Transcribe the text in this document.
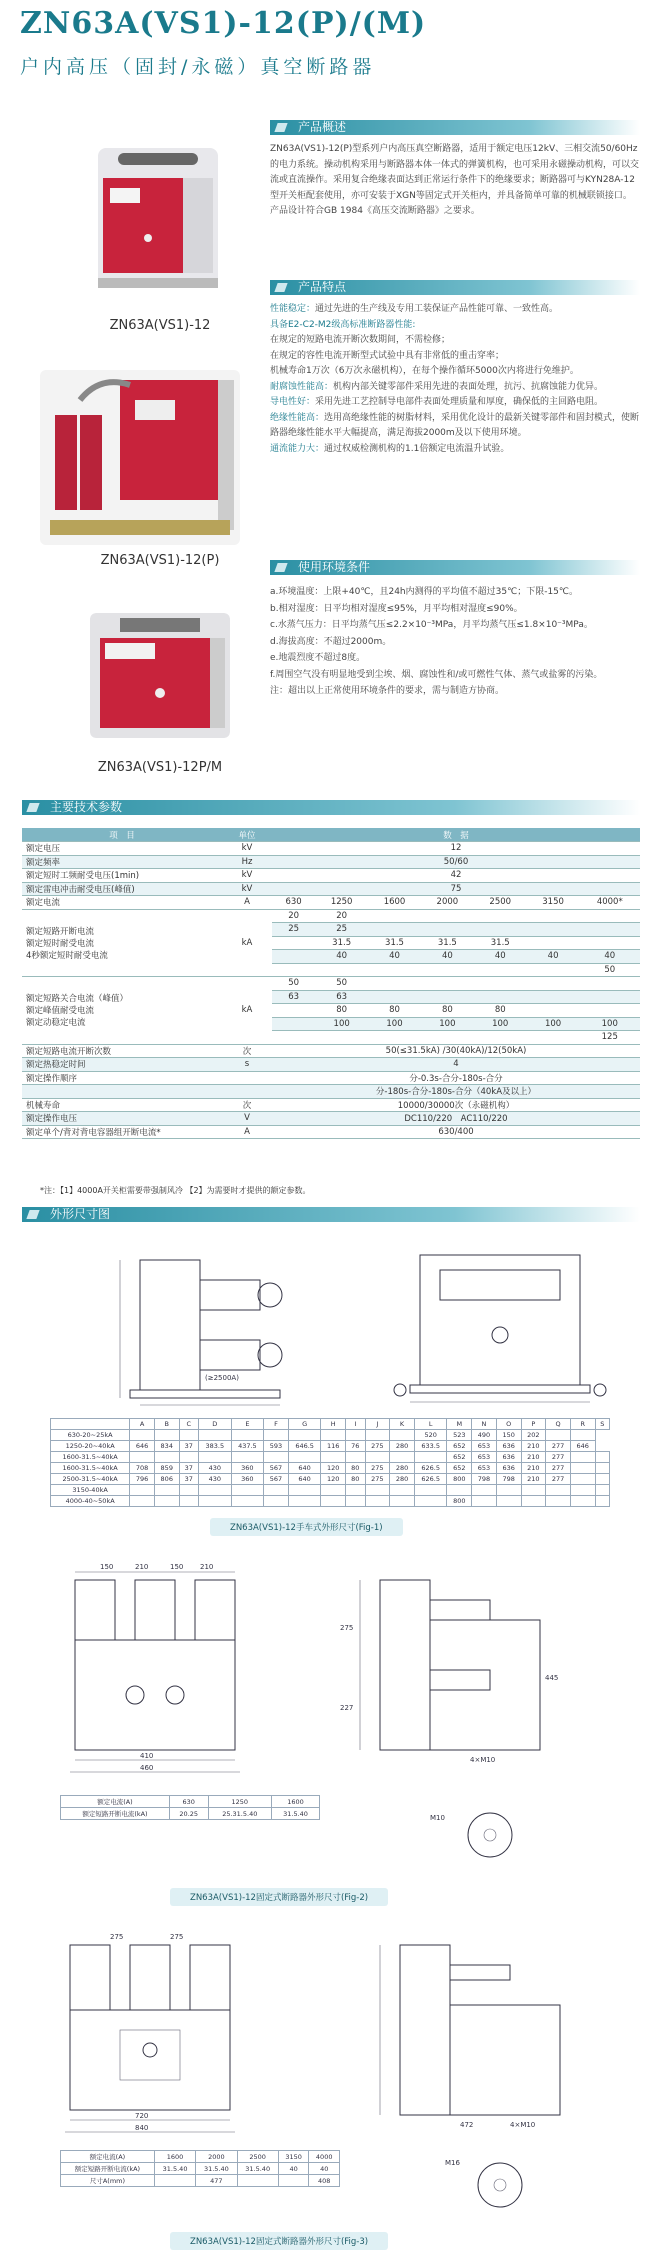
ZN63A(VS1)-12(P)/(M)
户内高压（固封/永磁）真空断路器
ZN63A(VS1)-12
ZN63A(VS1)-12(P)
ZN63A(VS1)-12P/M
产品概述
ZN63A(VS1)-12(P)型系列户内高压真空断路器，适用于额定电压12kV、三相交流50/60Hz的电力系统。操动机构采用与断路器本体一体式的弹簧机构，也可采用永磁操动机构，可以交流或直流操作。采用复合绝缘表面达到正常运行条件下的绝缘要求；断路器可与KYN28A-12型开关柜配套使用，亦可安装于XGN等固定式开关柜内，并具备简单可靠的机械联锁接口。产品设计符合GB 1984《高压交流断路器》之要求。
产品特点
性能稳定：通过先进的生产线及专用工装保证产品性能可靠、一致性高。
具备E2-C2-M2级高标准断路器性能:
在规定的短路电流开断次数期间，不需检修；
在规定的容性电流开断型式试验中具有非常低的重击穿率；
机械寿命1万次（6万次永磁机构），在每个操作循环5000次内将进行免维护。
耐腐蚀性能高：机构内部关键零部件采用先进的表面处理，抗污、抗腐蚀能力优异。
导电性好：采用先进工艺控制导电部件表面处理质量和厚度，确保低的主回路电阻。
绝缘性能高：选用高绝缘性能的树脂材料，采用优化设计的最新关键零部件和固封模式，使断路器绝缘性能水平大幅提高，满足海拔2000m及以下使用环境。
通流能力大：通过权威检测机构的1.1倍额定电流温升试验。
使用环境条件
a.环境温度：上限+40℃，且24h内测得的平均值不超过35℃；下限-15℃。
b.相对湿度：日平均相对湿度≤95%，月平均相对湿度≤90%。
c.水蒸气压力：日平均蒸气压≤2.2×10⁻³MPa，月平均蒸气压≤1.8×10⁻³MPa。
d.海拔高度：不超过2000m。
e.地震烈度不超过8度。
f.周围空气没有明显地受到尘埃、烟、腐蚀性和/或可燃性气体、蒸气或盐雾的污染。
注：超出以上正常使用环境条件的要求，需与制造方协商。
主要技术参数
项　目	单位	数　据						
额定电压	kV	12						
额定频率	Hz	50/60						
额定短时工频耐受电压(1min)	kV	42						
额定雷电冲击耐受电压(峰值)	kV	75						
额定电流	A	630	1250	1600	2000	2500	3150	4000*

额定短路开断电流
额定短时耐受电流
4秒额定短时耐受电流	kA	20	20					
		25	25					
			31.5	31.5	31.5	31.5		
			40	40	40	40	40	40
								50

额定短路关合电流（峰值）
额定峰值耐受电流
额定动稳定电流	kA	50	50					
		63	63					
			80	80	80	80		
			100	100	100	100	100	100
								125
额定短路电流开断次数	次	50(≤31.5kA) /30(40kA)/12(50kA)						
额定热稳定时间	s	4						
额定操作顺序		分-0.3s-合分-180s-合分						
		分-180s-合分-180s-合分（40kA及以上）						
机械寿命	次	10000/30000次（永磁机构）						
额定操作电压	V	DC110/220　AC110/220						
额定单个/背对背电容器组开断电流*	A	630/400						
*注：【1】4000A开关柜需要带强制风冷 【2】为需要时才提供的额定参数。
外形尺寸图
(≥2500A)
	A	B	C	D	E	F	G	H	I	J	K	L	M	N	O	P	Q	R	S
630-20~25kA												520	523	490	150	202			
1250-20~40kA	646	834	37	383.5	437.5	593	646.5	116	76	275	280	633.5	652	653	636	210	277	646	
1600-31.5~40kA													652	653	636	210	277		
1600-31.5~40kA	708	859	37	430	360	567	640	120	80	275	280	626.5	652	653	636	210	277		
2500-31.5~40kA	796	806	37	430	360	567	640	120	80	275	280	626.5	800	798	798	210	277		
3150-40kA																			
4000-40~50kA													800						
ZN63A(VS1)-12手车式外形尺寸(Fig-1)
150	210	150 210
410
460
275
227
445
4×M10
额定电流(A)	630	1250	1600
额定短路开断电流(kA)	20.25	25.31.5.40	31.5.40
M10
ZN63A(VS1)-12固定式断路器外形尺寸(Fig-2)
275	275
720
840	472	4×M10
额定电流(A)	1600	2000	2500	3150	4000
额定短路开断电流(kA)	31.5.40	31.5.40	31.5.40	40	40
尺寸A(mm)		477			408
M16
ZN63A(VS1)-12固定式断路器外形尺寸(Fig-3)
